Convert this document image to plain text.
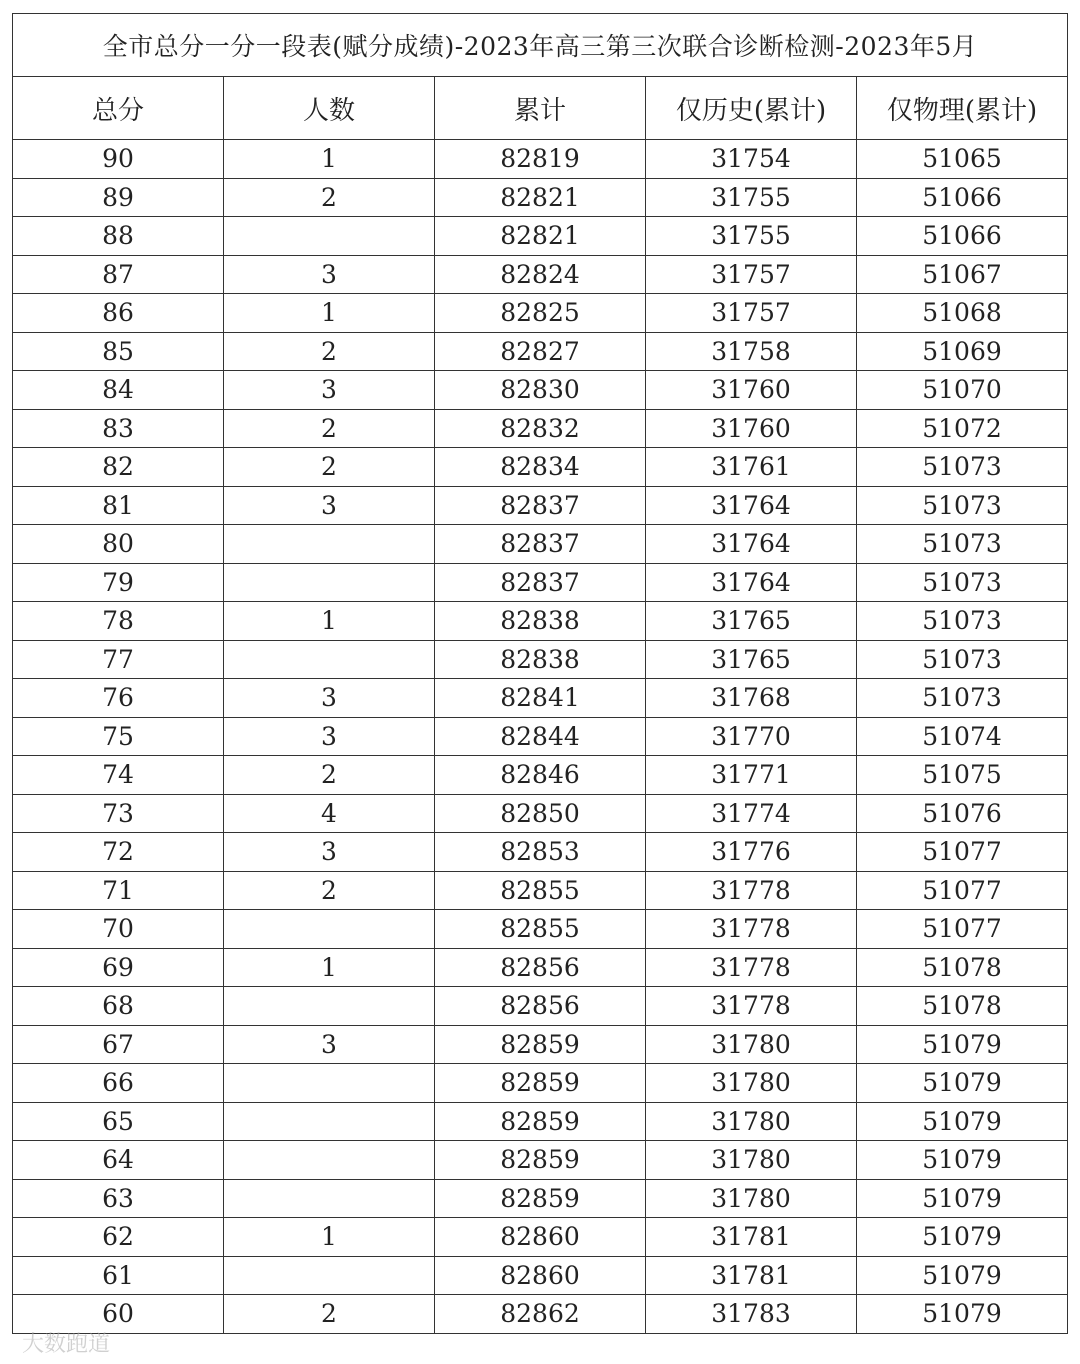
全市总分一分一段表(赋分成绩)-2023年高三第三次联合诊断检测-2023年5月				
总分	人数	累计	仅历史(累计)	仅物理(累计)
90	1	82819	31754	51065
89	2	82821	31755	51066
88		82821	31755	51066
87	3	82824	31757	51067
86	1	82825	31757	51068
85	2	82827	31758	51069
84	3	82830	31760	51070
83	2	82832	31760	51072
82	2	82834	31761	51073
81	3	82837	31764	51073
80		82837	31764	51073
79		82837	31764	51073
78	1	82838	31765	51073
77		82838	31765	51073
76	3	82841	31768	51073
75	3	82844	31770	51074
74	2	82846	31771	51075
73	4	82850	31774	51076
72	3	82853	31776	51077
71	2	82855	31778	51077
70		82855	31778	51077
69	1	82856	31778	51078
68		82856	31778	51078
67	3	82859	31780	51079
66		82859	31780	51079
65		82859	31780	51079
64		82859	31780	51079
63		82859	31780	51079
62	1	82860	31781	51079
61		82860	31781	51079
60	2	82862	31783	51079
大数跑道
